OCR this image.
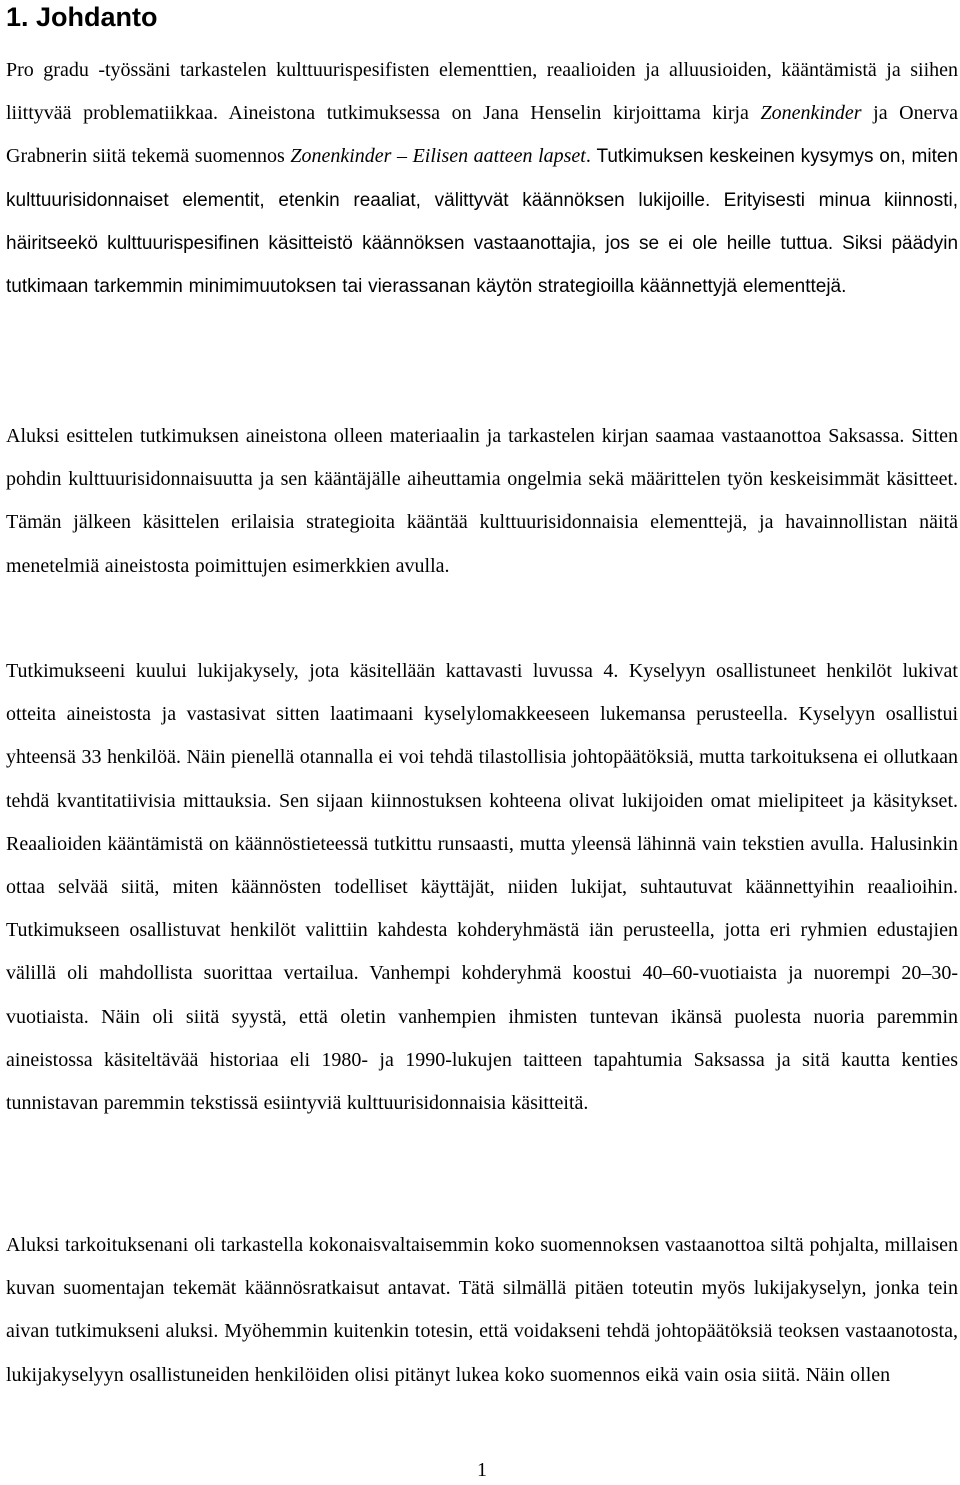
1. Johdanto

Pro gradu -työssäni tarkastelen kulttuurispesifisten elementtien, reaalioiden ja alluusioiden, kääntämistä ja siihen liittyvää problematiikkaa. Aineistona tutkimuksessa on Jana Henselin kirjoittama kirja Zonenkinder ja Onerva Grabnerin siitä tekemä suomennos Zonenkinder – Eilisen aatteen lapset. Tutkimuksen keskeinen kysymys on, miten kulttuurisidonnaiset elementit, etenkin reaaliat, välittyvät käännöksen lukijoille. Erityisesti minua kiinnosti, häiritseekö kulttuurispesifinen käsitteistö käännöksen vastaanottajia, jos se ei ole heille tuttua. Siksi päädyin tutkimaan tarkemmin minimimuutoksen tai vierassanan käytön strategioilla käännettyjä elementtejä.

Aluksi esittelen tutkimuksen aineistona olleen materiaalin ja tarkastelen kirjan saamaa vastaanottoa Saksassa. Sitten pohdin kulttuurisidonnaisuutta ja sen kääntäjälle aiheuttamia ongelmia sekä määrittelen työn keskeisimmät käsitteet. Tämän jälkeen käsittelen erilaisia strategioita kääntää kulttuurisidonnaisia elementtejä, ja havainnollistan näitä menetelmiä aineistosta poimittujen esimerkkien avulla.

Tutkimukseeni kuului lukijakysely, jota käsitellään kattavasti luvussa 4. Kyselyyn osallistuneet henkilöt lukivat otteita aineistosta ja vastasivat sitten laatimaani kyselylomakkeeseen lukemansa perusteella. Kyselyyn osallistui yhteensä 33 henkilöä. Näin pienellä otannalla ei voi tehdä tilastollisia johtopäätöksiä, mutta tarkoituksena ei ollutkaan tehdä kvantitatiivisia mittauksia. Sen sijaan kiinnostuksen kohteena olivat lukijoiden omat mielipiteet ja käsitykset. Reaalioiden kääntämistä on käännöstieteessä tutkittu runsaasti, mutta yleensä lähinnä vain tekstien avulla. Halusinkin ottaa selvää siitä, miten käännösten todelliset käyttäjät, niiden lukijat, suhtautuvat käännettyihin reaalioihin. Tutkimukseen osallistuvat henkilöt valittiin kahdesta kohderyhmästä iän perusteella, jotta eri ryhmien edustajien välillä oli mahdollista suorittaa vertailua. Vanhempi kohderyhmä koostui 40–60-vuotiaista ja nuorempi 20–30-vuotiaista. Näin oli siitä syystä, että oletin vanhempien ihmisten tuntevan ikänsä puolesta nuoria paremmin aineistossa käsiteltävää historiaa eli 1980- ja 1990-lukujen taitteen tapahtumia Saksassa ja sitä kautta kenties tunnistavan paremmin tekstissä esiintyviä kulttuurisidonnaisia käsitteitä.

Aluksi tarkoituksenani oli tarkastella kokonaisvaltaisemmin koko suomennoksen vastaanottoa siltä pohjalta, millaisen kuvan suomentajan tekemät käännösratkaisut antavat. Tätä silmällä pitäen toteutin myös lukijakyselyn, jonka tein aivan tutkimukseni aluksi. Myöhemmin kuitenkin totesin, että voidakseni tehdä johtopäätöksiä teoksen vastaanotosta, lukijakyselyyn osallistuneiden henkilöiden olisi pitänyt lukea koko suomennos eikä vain osia siitä. Näin ollen

1
